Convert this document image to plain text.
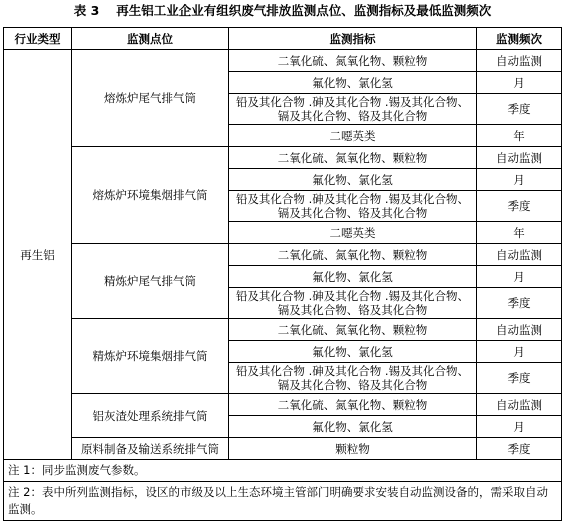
表 3 　再生铝工业企业有组织废气排放监测点位、监测指标及最低监测频次
行业类型	监测点位	监测指标	监测频次
再生铝	熔炼炉尾气排气筒	二氧化硫、氮氧化物、颗粒物	自动监测
		氟化物、氯化氢	月
		铅及其化合物 .砷及其化合物 .锡及其化合物、镉及其化合物、铬及其化合物	季度
		二噁英类	年
	熔炼炉环境集烟排气筒	二氧化硫、氮氧化物、颗粒物	自动监测
		氟化物、氯化氢	月
		铅及其化合物 .砷及其化合物 .锡及其化合物、镉及其化合物、铬及其化合物	季度
		二噁英类	年
	精炼炉尾气排气筒	二氧化硫、氮氧化物、颗粒物	自动监测
		氟化物、氯化氢	月
		铅及其化合物 .砷及其化合物 .锡及其化合物、镉及其化合物、铬及其化合物	季度
	精炼炉环境集烟排气筒	二氧化硫、氮氧化物、颗粒物	自动监测
		氟化物、氯化氢	月
		铅及其化合物 .砷及其化合物 .锡及其化合物、镉及其化合物、铬及其化合物	季度
	铝灰渣处理系统排气筒	二氧化硫、氮氧化物、颗粒物	自动监测
		氟化物、氯化氢	月
	原料制备及输送系统排气筒	颗粒物	季度
注 1：同步监测废气参数。			
注 2：表中所列监测指标，设区的市级及以上生态环境主管部门明确要求安装自动监测设备的，需采取自动监测。			
